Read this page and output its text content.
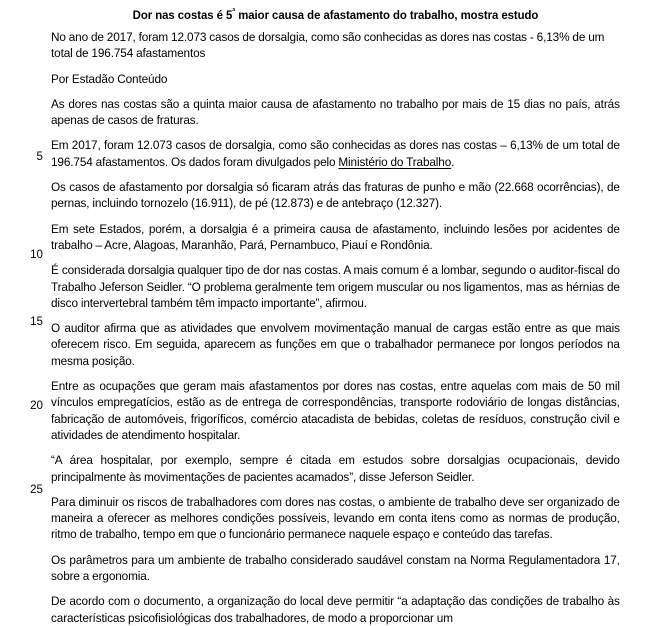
5
10
15
20
25
Dor nas costas é $5^ª$ maior causa de afastamento do trabalho, mostra estudo

No ano de 2017, foram 12.073 casos de dorsalgia, como são conhecidas as dores nas costas - 6,13% de um total de 196.754 afastamentos

Por Estadão Conteúdo

As dores nas costas são a quinta maior causa de afastamento no trabalho por mais de 15 dias no país, atrás apenas de casos de fraturas.

Em 2017, foram 12.073 casos de dorsalgia, como são conhecidas as dores nas costas – 6,13% de um total de 196.754 afastamentos. Os dados foram divulgados pelo Ministério do Trabalho.

Os casos de afastamento por dorsalgia só ficaram atrás das fraturas de punho e mão (22.668 ocorrências), de pernas, incluindo tornozelo (16.911), de pé (12.873) e de antebraço (12.327).

Em sete Estados, porém, a dorsalgia é a primeira causa de afastamento, incluindo lesões por acidentes de trabalho – Acre, Alagoas, Maranhão, Pará, Pernambuco, Piauí e Rondônia.

É considerada dorsalgia qualquer tipo de dor nas costas. A mais comum é a lombar, segundo o auditor-fiscal do Trabalho Jeferson Seidler. “O problema geralmente tem origem muscular ou nos ligamentos, mas as hérnias de disco intervertebral também têm impacto importante”, afirmou.

O auditor afirma que as atividades que envolvem movimentação manual de cargas estão entre as que mais oferecem risco. Em seguida, aparecem as funções em que o trabalhador permanece por longos períodos na mesma posição.

Entre as ocupações que geram mais afastamentos por dores nas costas, entre aquelas com mais de 50 mil vínculos empregatícios, estão as de entrega de correspondências, transporte rodoviário de longas distâncias, fabricação de automóveis, frigoríficos, comércio atacadista de bebidas, coletas de resíduos, construção civil e atividades de atendimento hospitalar.

“A área hospitalar, por exemplo, sempre é citada em estudos sobre dorsalgias ocupacionais, devido principalmente às movimentações de pacientes acamados”, disse Jeferson Seidler.

Para diminuir os riscos de trabalhadores com dores nas costas, o ambiente de trabalho deve ser organizado de maneira a oferecer as melhores condições possíveis, levando em conta itens como as normas de produção, ritmo de trabalho, tempo em que o funcionário permanece naquele espaço e conteúdo das tarefas.

Os parâmetros para um ambiente de trabalho considerado saudável constam na Norma Regulamentadora 17, sobre a ergonomia.

De acordo com o documento, a organização do local deve permitir “a adaptação das condições de trabalho às características psicofisiológicas dos trabalhadores, de modo a proporcionar um
